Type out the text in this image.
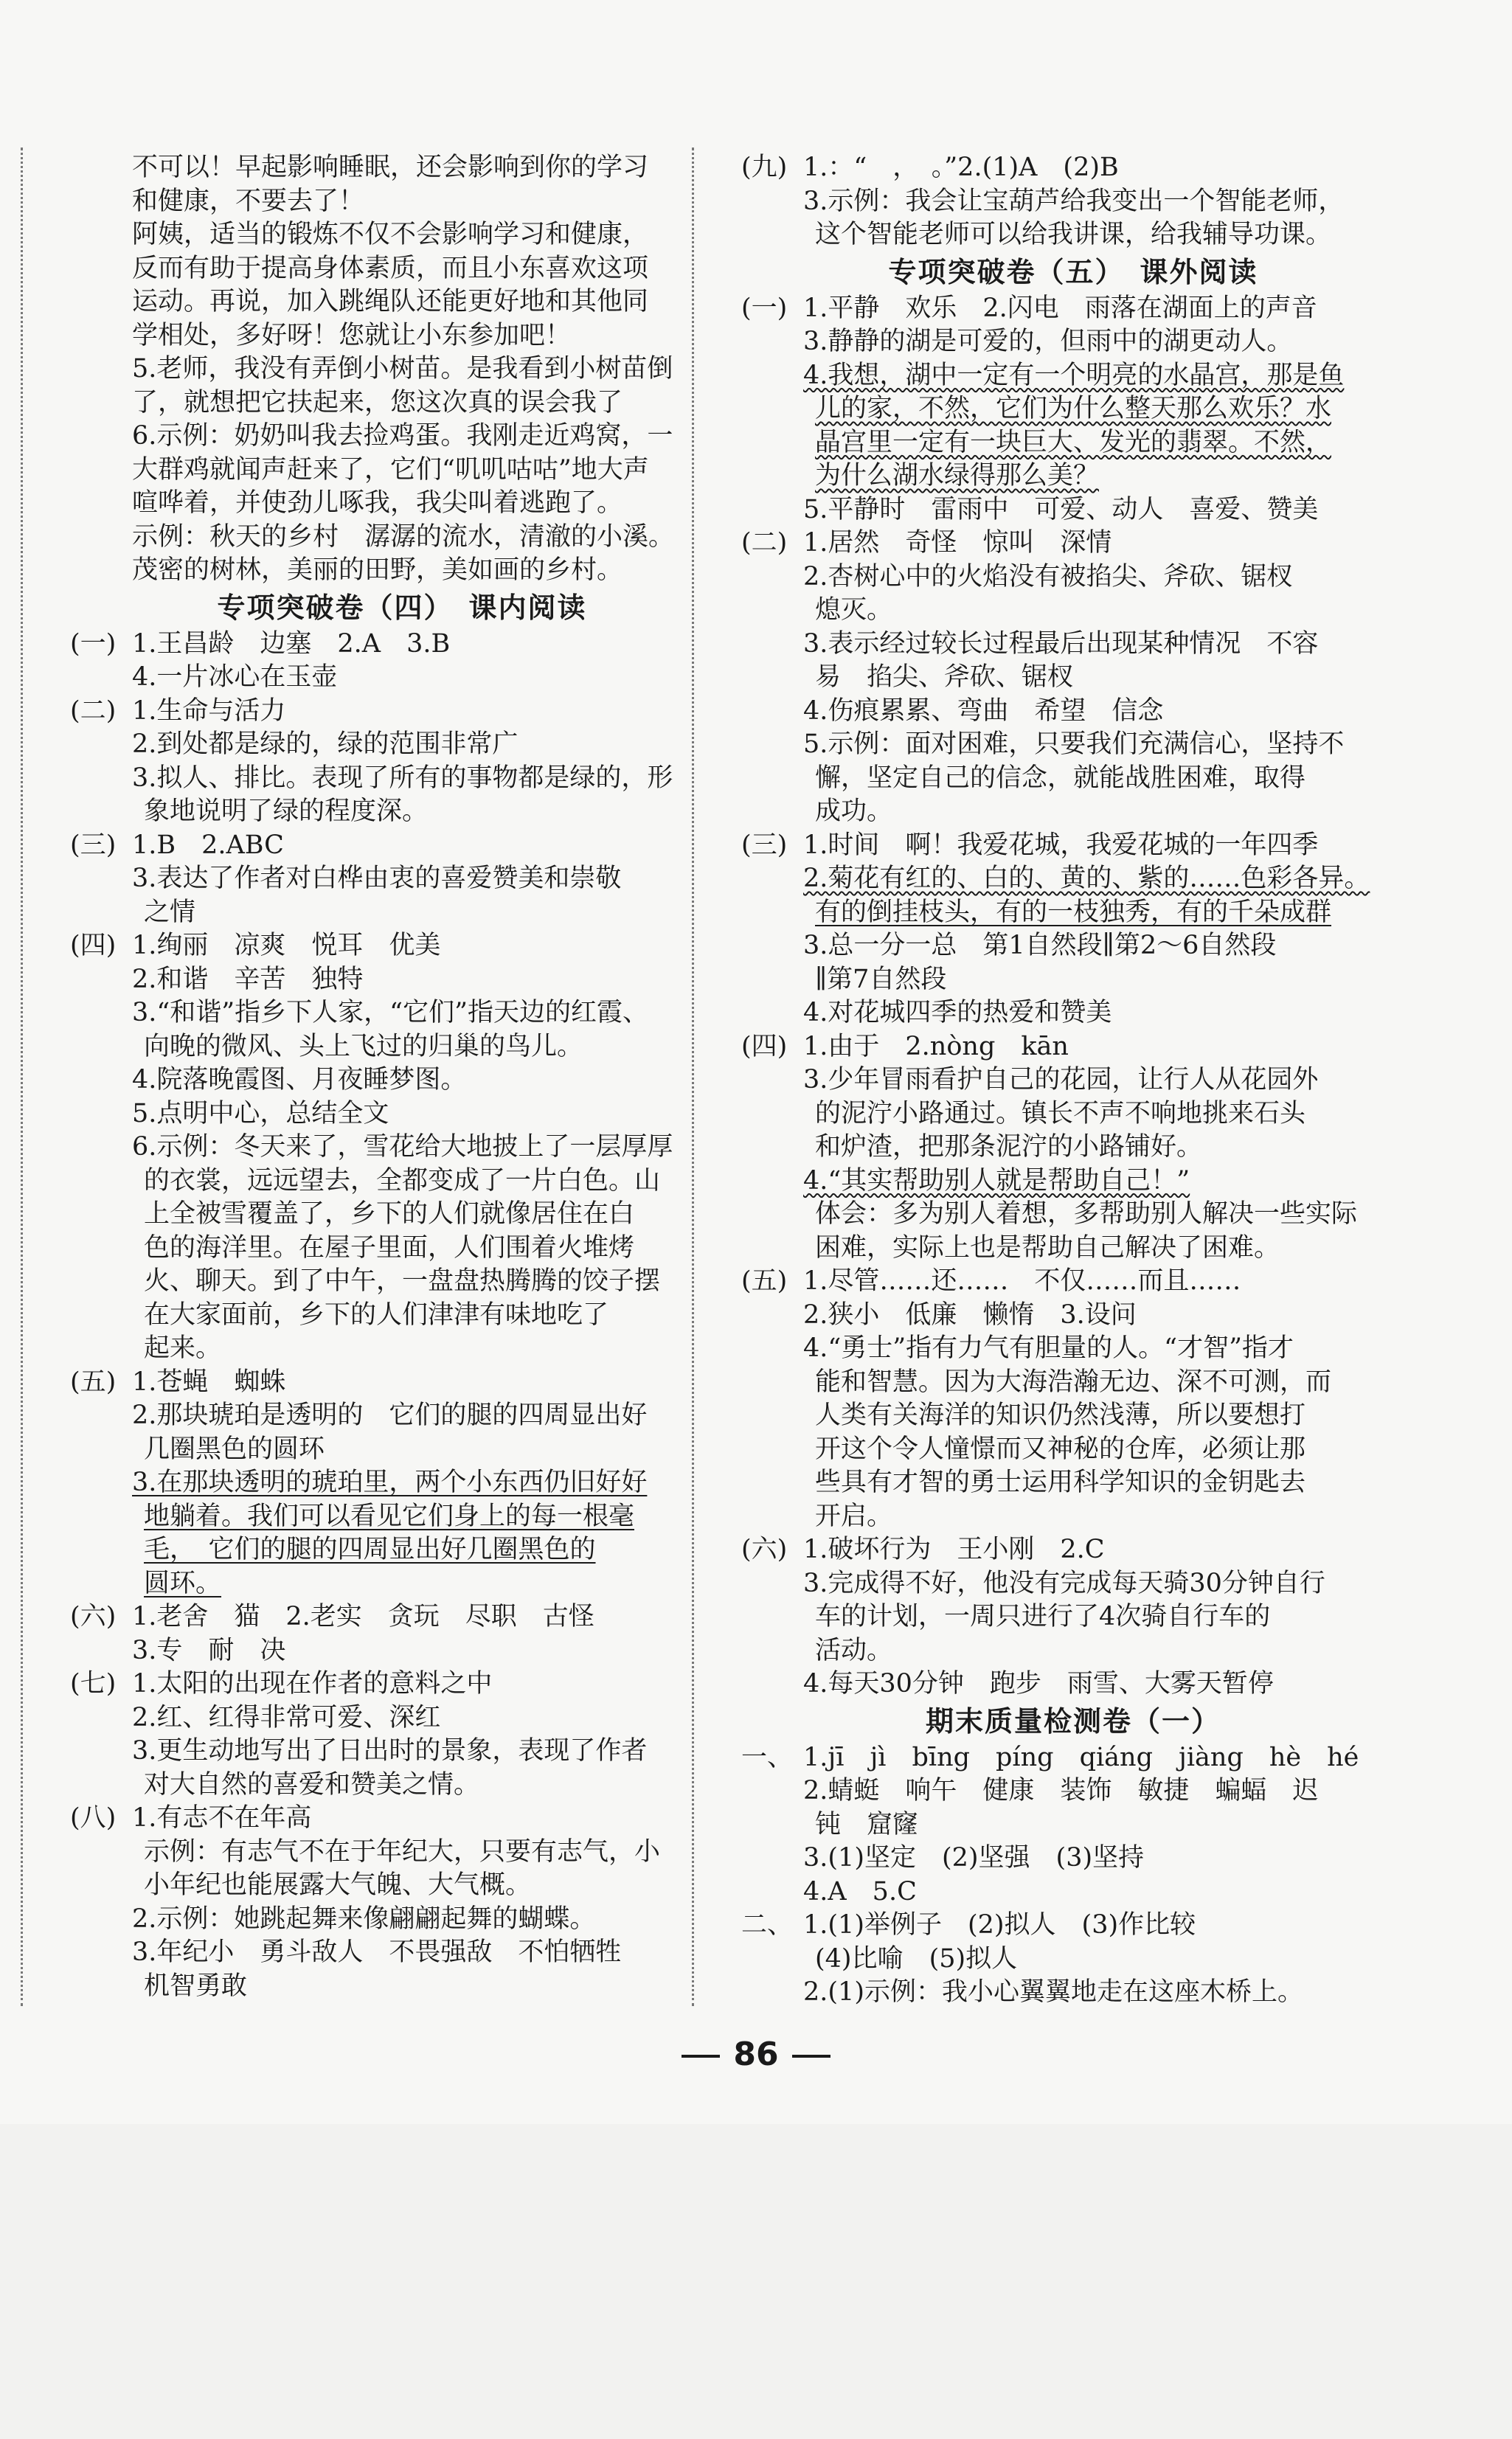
不可以！早起影响睡眠，还会影响到你的学习
和健康，不要去了！
阿姨，适当的锻炼不仅不会影响学习和健康，
反而有助于提高身体素质，而且小东喜欢这项
运动。再说，加入跳绳队还能更好地和其他同
学相处，多好呀！您就让小东参加吧！
5.老师，我没有弄倒小树苗。是我看到小树苗倒
了，就想把它扶起来，您这次真的误会我了
6.示例：奶奶叫我去捡鸡蛋。我刚走近鸡窝，一
大群鸡就闻声赶来了，它们“叽叽咕咕”地大声
喧哗着，并使劲儿啄我，我尖叫着逃跑了。
示例：秋天的乡村　潺潺的流水，清澈的小溪。
茂密的树林，美丽的田野，美如画的乡村。
专项突破卷（四）　课内阅读
(一) 1.王昌龄　边塞　2.A　3.B
4.一片冰心在玉壶
(二) 1.生命与活力
2.到处都是绿的，绿的范围非常广
3.拟人、排比。表现了所有的事物都是绿的，形
象地说明了绿的程度深。
(三) 1.B　2.ABC
3.表达了作者对白桦由衷的喜爱赞美和崇敬
之情
(四) 1.绚丽　凉爽　悦耳　优美
2.和谐　辛苦　独特
3.“和谐”指乡下人家，“它们”指天边的红霞、
向晚的微风、头上飞过的归巢的鸟儿。
4.院落晚霞图、月夜睡梦图。
5.点明中心，总结全文
6.示例：冬天来了，雪花给大地披上了一层厚厚
的衣裳，远远望去，全都变成了一片白色。山
上全被雪覆盖了，乡下的人们就像居住在白
色的海洋里。在屋子里面，人们围着火堆烤
火、聊天。到了中午，一盘盘热腾腾的饺子摆
在大家面前，乡下的人们津津有味地吃了
起来。
(五) 1.苍蝇　蜘蛛
2.那块琥珀是透明的　它们的腿的四周显出好
几圈黑色的圆环
3.在那块透明的琥珀里，两个小东西仍旧好好
地躺着。我们可以看见它们身上的每一根毫
毛，　它们的腿的四周显出好几圈黑色的
圆环。
(六) 1.老舍　猫　2.老实　贪玩　尽职　古怪
3.专　耐　决
(七) 1.太阳的出现在作者的意料之中
2.红、红得非常可爱、深红
3.更生动地写出了日出时的景象，表现了作者
对大自然的喜爱和赞美之情。
(八) 1.有志不在年高
示例：有志气不在于年纪大，只要有志气，小
小年纪也能展露大气魄、大气概。
2.示例：她跳起舞来像翩翩起舞的蝴蝶。
3.年纪小　勇斗敌人　不畏强敌　不怕牺牲
机智勇敢
(九) 1.：“　，　。”2.(1)A　(2)B
3.示例：我会让宝葫芦给我变出一个智能老师，
这个智能老师可以给我讲课，给我辅导功课。
专项突破卷（五）　课外阅读
(一) 1.平静　欢乐　2.闪电　雨落在湖面上的声音
3.静静的湖是可爱的，但雨中的湖更动人。
4.我想，湖中一定有一个明亮的水晶宫，那是鱼
儿的家，不然，它们为什么整天那么欢乐？水
晶宫里一定有一块巨大、发光的翡翠。不然，
为什么湖水绿得那么美？
5.平静时　雷雨中　可爱、动人　喜爱、赞美
(二) 1.居然　奇怪　惊叫　深情
2.杏树心中的火焰没有被掐尖、斧砍、锯杈
熄灭。
3.表示经过较长过程最后出现某种情况　不容
易　掐尖、斧砍、锯杈
4.伤痕累累、弯曲　希望　信念
5.示例：面对困难，只要我们充满信心，坚持不
懈，坚定自己的信念，就能战胜困难，取得
成功。
(三) 1.时间　啊！我爱花城，我爱花城的一年四季
2.菊花有红的、白的、黄的、紫的……色彩各异。
有的倒挂枝头，有的一枝独秀，有的千朵成群
3.总一分一总　第1自然段∥第2～6自然段
∥第7自然段
4.对花城四季的热爱和赞美
(四) 1.由于　2.nòng　kān
3.少年冒雨看护自己的花园，让行人从花园外
的泥泞小路通过。镇长不声不响地挑来石头
和炉渣，把那条泥泞的小路铺好。
4.“其实帮助别人就是帮助自己！”
体会：多为别人着想，多帮助别人解决一些实际
困难，实际上也是帮助自己解决了困难。
(五) 1.尽管……还……　不仅……而且……
2.狭小　低廉　懒惰　3.设问
4.“勇士”指有力气有胆量的人。“才智”指才
能和智慧。因为大海浩瀚无边、深不可测，而
人类有关海洋的知识仍然浅薄，所以要想打
开这个令人憧憬而又神秘的仓库，必须让那
些具有才智的勇士运用科学知识的金钥匙去
开启。
(六) 1.破坏行为　王小刚　2.C
3.完成得不好，他没有完成每天骑30分钟自行
车的计划，一周只进行了4次骑自行车的
活动。
4.每天30分钟　跑步　雨雪、大雾天暂停
期末质量检测卷（一）
一、 1.jī　jì　bīng　píng　qiáng　jiàng　hè　hé
2.蜻蜓　响午　健康　装饰　敏捷　蝙蝠　迟
钝　窟窿
3.(1)坚定　(2)坚强　(3)坚持
4.A　5.C
二、 1.(1)举例子　(2)拟人　(3)作比较
(4)比喻　(5)拟人
2.(1)示例：我小心翼翼地走在这座木桥上。
86
